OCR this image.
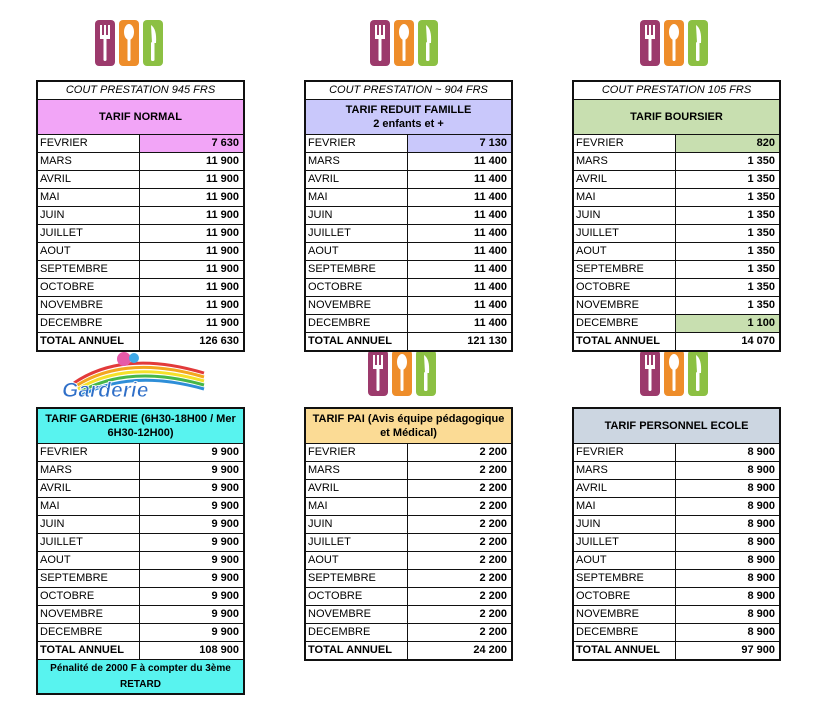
Garderie
COUT PRESTATION 945 FRS
TARIF NORMAL
FEVRIER	7 630
MARS	11 900
AVRIL	11 900
MAI	11 900
JUIN	11 900
JUILLET	11 900
AOUT	11 900
SEPTEMBRE	11 900
OCTOBRE	11 900
NOVEMBRE	11 900
DECEMBRE	11 900
TOTAL ANNUEL	126 630
COUT PRESTATION ~ 904 FRS
TARIF REDUIT FAMILLE
2 enfants et +
FEVRIER	7 130
MARS	11 400
AVRIL	11 400
MAI	11 400
JUIN	11 400
JUILLET	11 400
AOUT	11 400
SEPTEMBRE	11 400
OCTOBRE	11 400
NOVEMBRE	11 400
DECEMBRE	11 400
TOTAL ANNUEL	121 130
COUT PRESTATION 105 FRS
TARIF BOURSIER
FEVRIER	820
MARS	1 350
AVRIL	1 350
MAI	1 350
JUIN	1 350
JUILLET	1 350
AOUT	1 350
SEPTEMBRE	1 350
OCTOBRE	1 350
NOVEMBRE	1 350
DECEMBRE	1 100
TOTAL ANNUEL	14 070
TARIF GARDERIE (6H30-18H00 / Mer
6H30-12H00)
FEVRIER	9 900
MARS	9 900
AVRIL	9 900
MAI	9 900
JUIN	9 900
JUILLET	9 900
AOUT	9 900
SEPTEMBRE	9 900
OCTOBRE	9 900
NOVEMBRE	9 900
DECEMBRE	9 900
TOTAL ANNUEL	108 900
Pénalité de 2000 F à compter du 3ème
RETARD
TARIF PAI (Avis équipe pédagogique
et Médical)
FEVRIER	2 200
MARS	2 200
AVRIL	2 200
MAI	2 200
JUIN	2 200
JUILLET	2 200
AOUT	2 200
SEPTEMBRE	2 200
OCTOBRE	2 200
NOVEMBRE	2 200
DECEMBRE	2 200
TOTAL ANNUEL	24 200
TARIF PERSONNEL ECOLE
FEVRIER	8 900
MARS	8 900
AVRIL	8 900
MAI	8 900
JUIN	8 900
JUILLET	8 900
AOUT	8 900
SEPTEMBRE	8 900
OCTOBRE	8 900
NOVEMBRE	8 900
DECEMBRE	8 900
TOTAL ANNUEL	97 900
